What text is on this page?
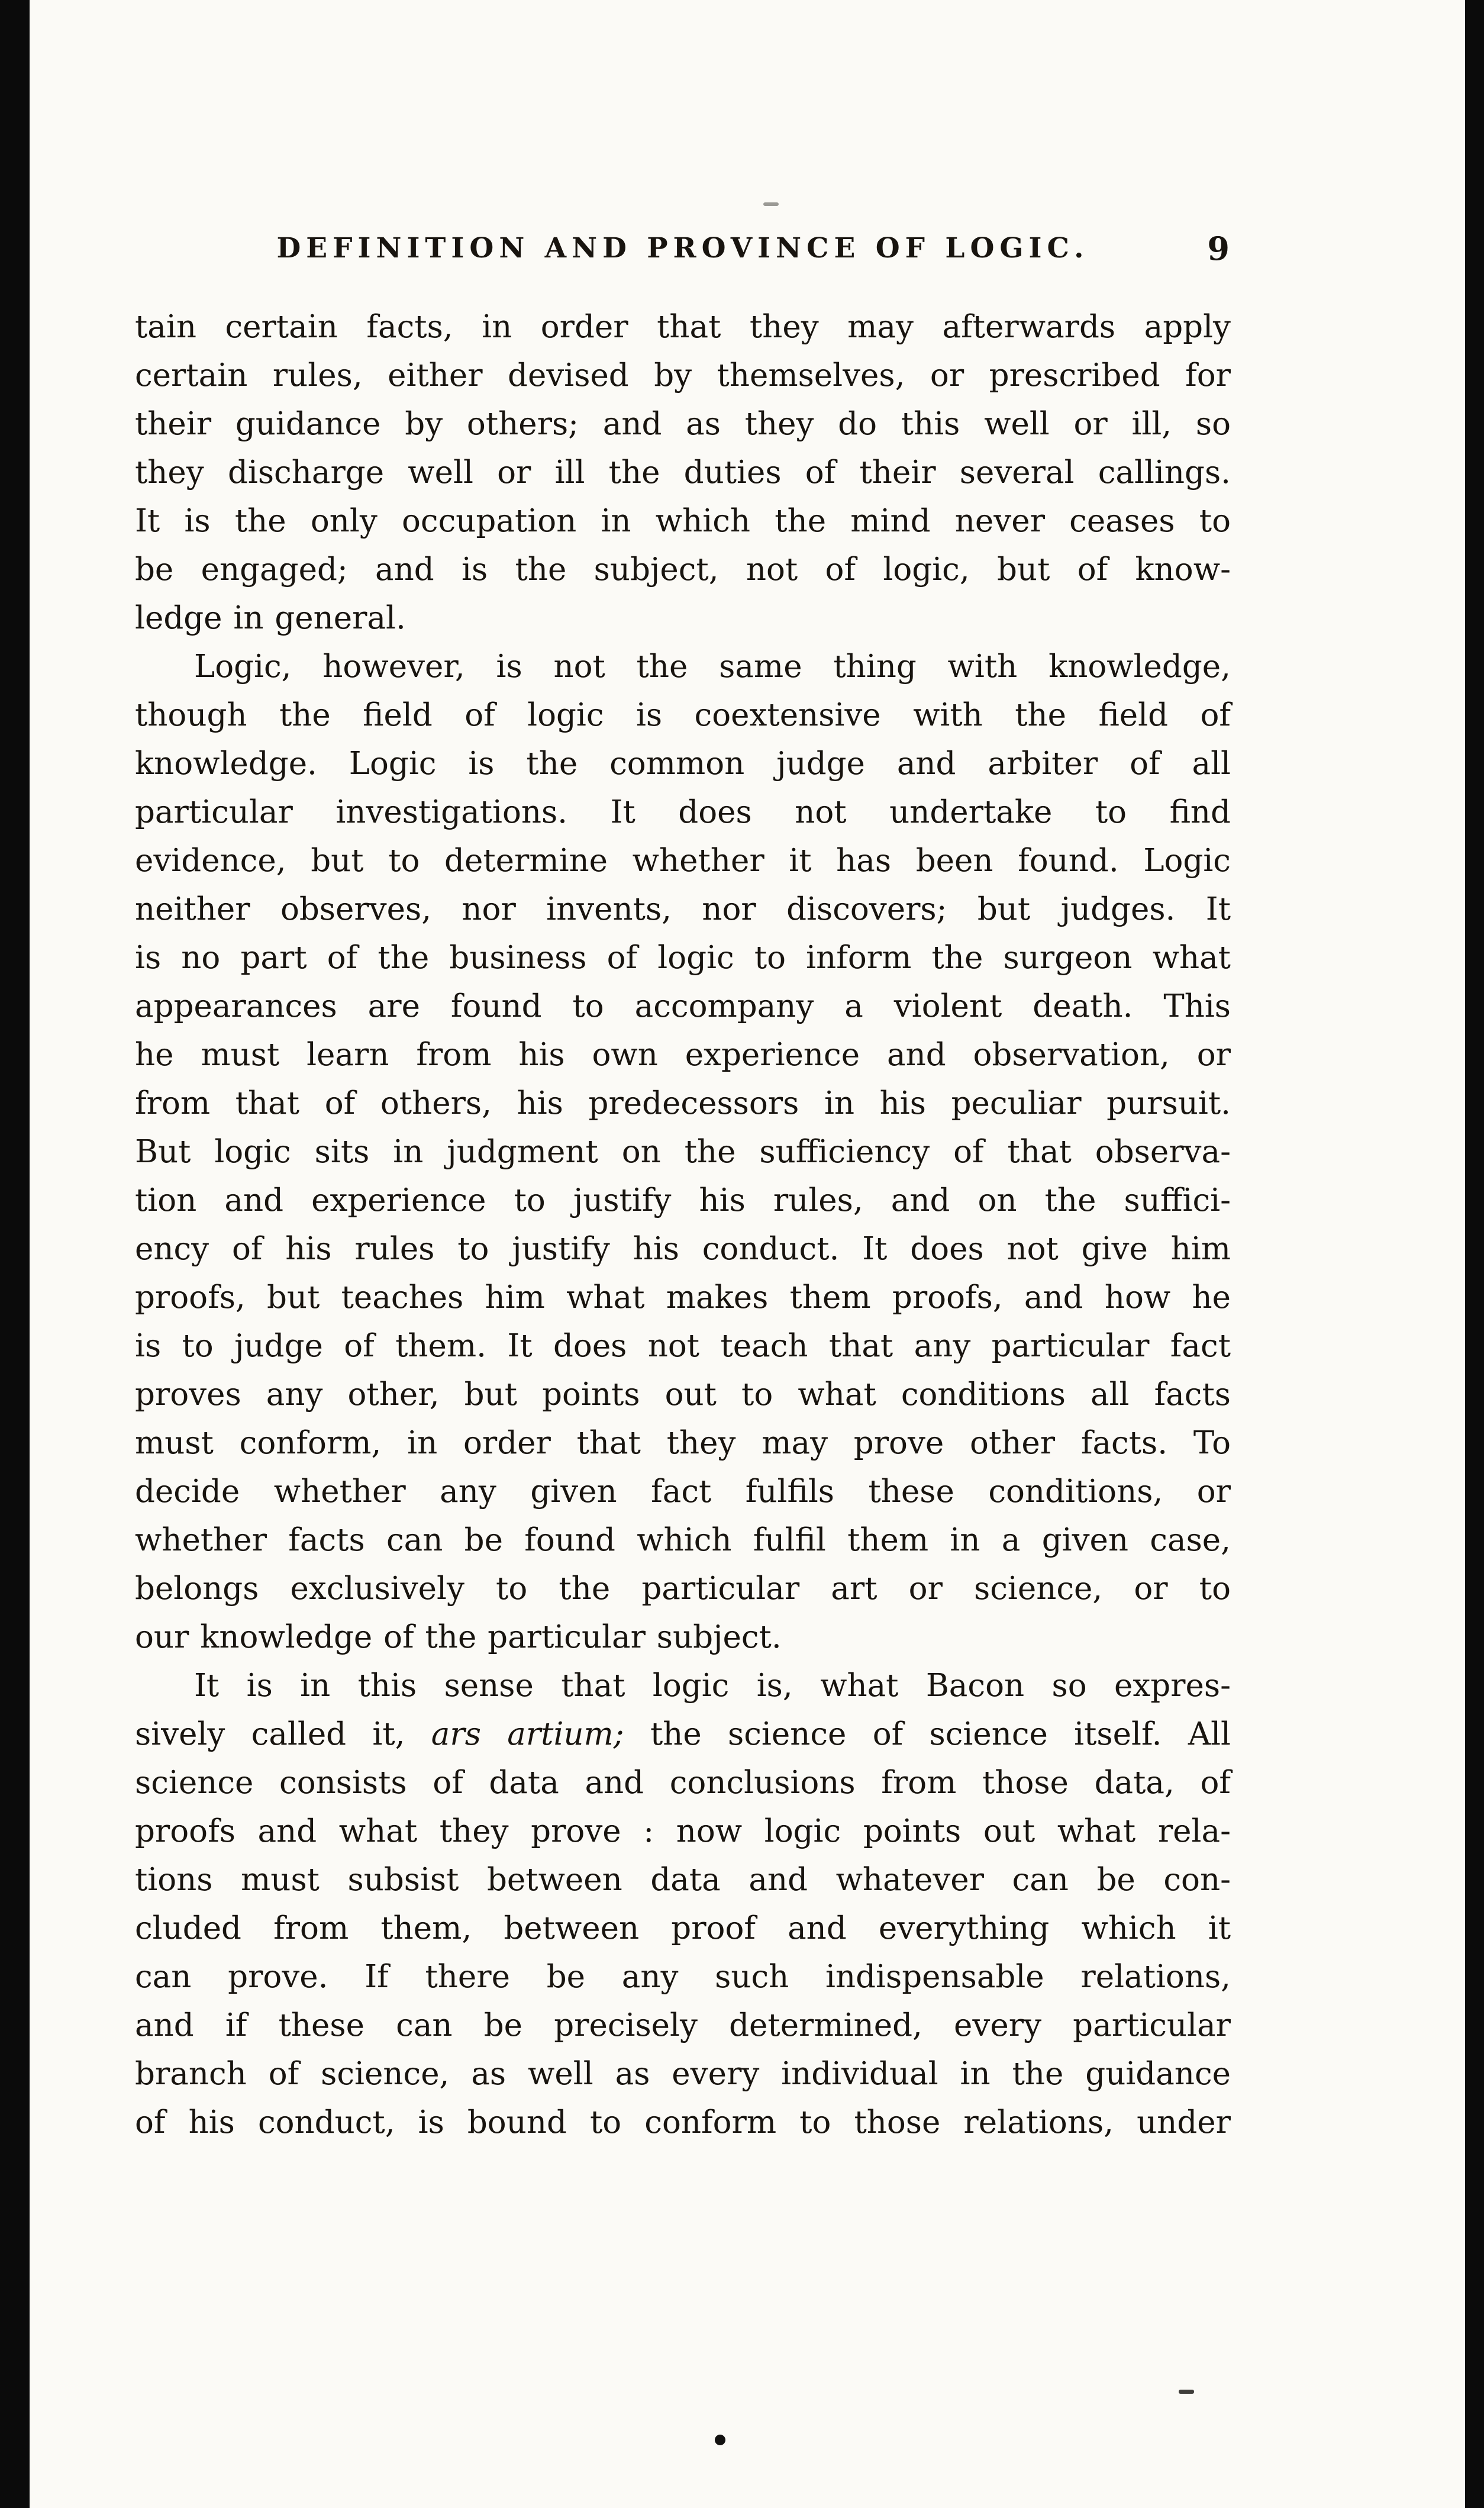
DEFINITION AND PROVINCE OF LOGIC.	9
tain certain facts, in order that they may afterwards apply
certain rules, either devised by themselves, or prescribed for
their guidance by others; and as they do this well or ill, so
they discharge well or ill the duties of their several callings.
It is the only occupation in which the mind never ceases to
be engaged; and is the subject, not of logic, but of know-
ledge in general.
Logic, however, is not the same thing with knowledge,
though the field of logic is coextensive with the field of
knowledge. Logic is the common judge and arbiter of all
particular investigations. It does not undertake to find
evidence, but to determine whether it has been found. Logic
neither observes, nor invents, nor discovers; but judges. It
is no part of the business of logic to inform the surgeon what
appearances are found to accompany a violent death. This
he must learn from his own experience and observation, or
from that of others, his predecessors in his peculiar pursuit.
But logic sits in judgment on the sufficiency of that observa-
tion and experience to justify his rules, and on the suffici-
ency of his rules to justify his conduct. It does not give him
proofs, but teaches him what makes them proofs, and how he
is to judge of them. It does not teach that any particular fact
proves any other, but points out to what conditions all facts
must conform, in order that they may prove other facts. To
decide whether any given fact fulfils these conditions, or
whether facts can be found which fulfil them in a given case,
belongs exclusively to the particular art or science, or to
our knowledge of the particular subject.
It is in this sense that logic is, what Bacon so expres-
sively called it, ars artium; the science of science itself. All
science consists of data and conclusions from those data, of
proofs and what they prove : now logic points out what rela-
tions must subsist between data and whatever can be con-
cluded from them, between proof and everything which it
can prove. If there be any such indispensable relations,
and if these can be precisely determined, every particular
branch of science, as well as every individual in the guidance
of his conduct, is bound to conform to those relations, under
